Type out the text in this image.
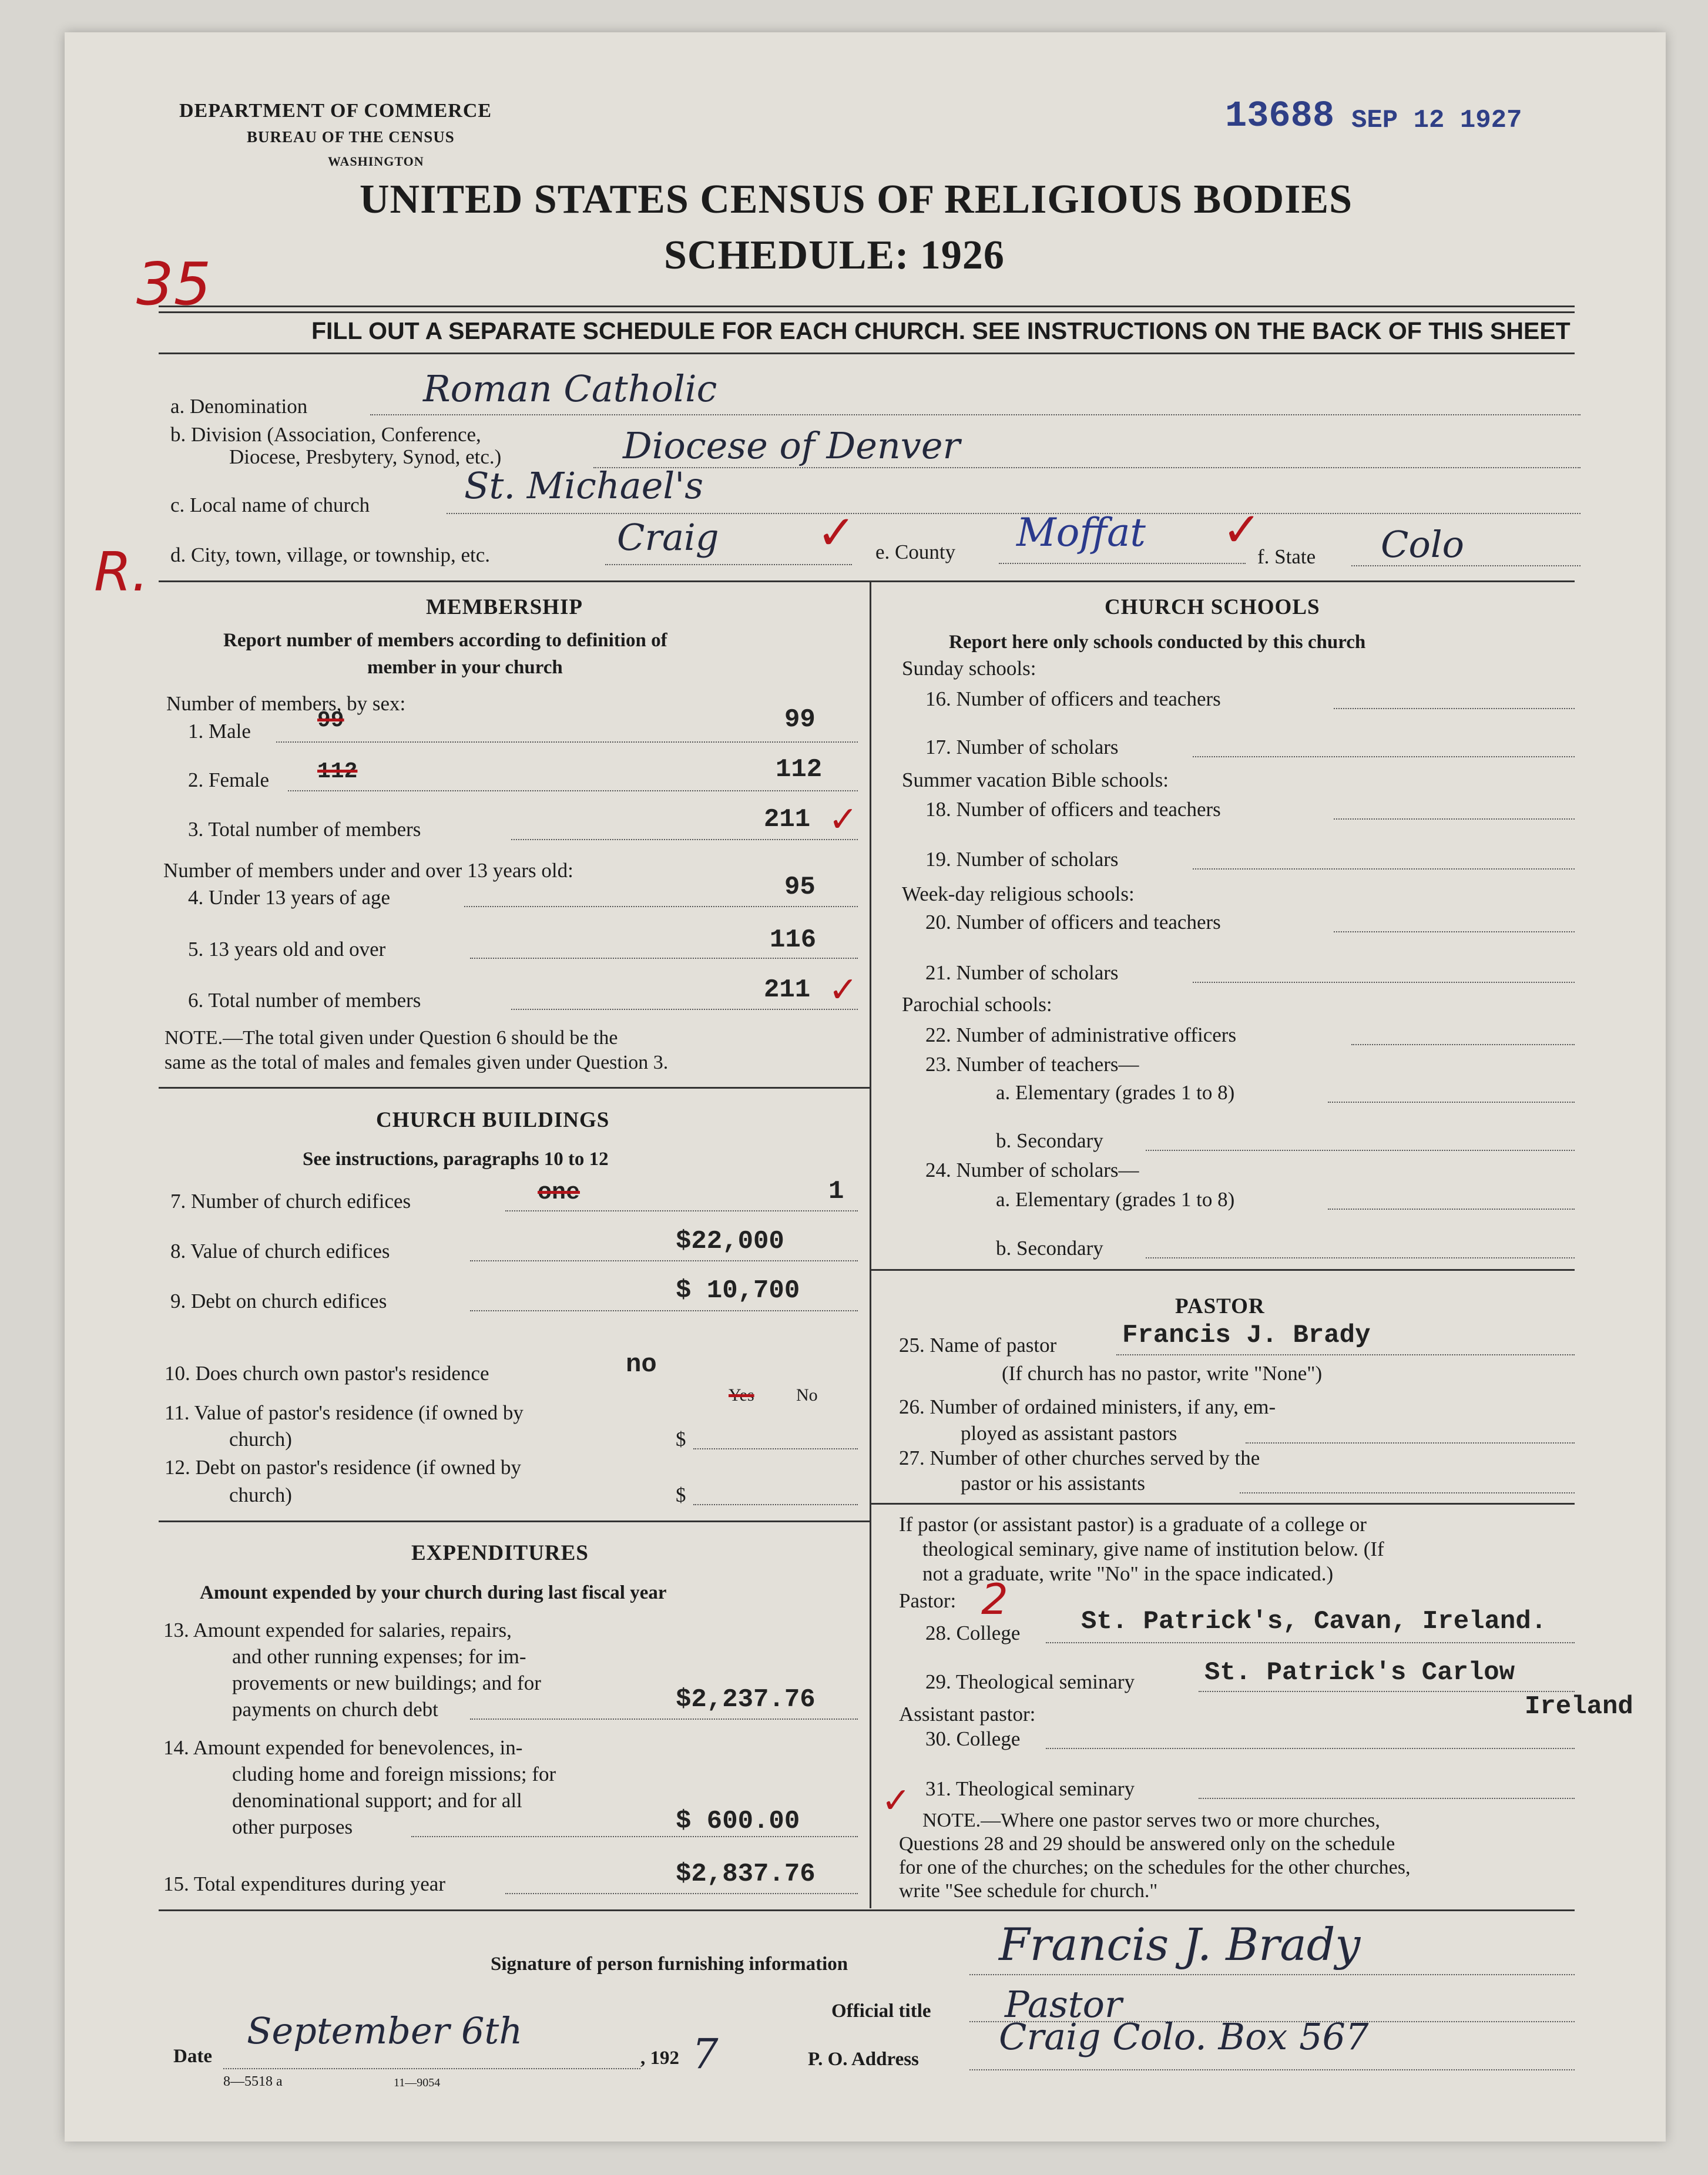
DEPARTMENT OF COMMERCE
BUREAU OF THE CENSUS
WASHINGTON
13688 SEP 12 1927
UNITED STATES CENSUS OF RELIGIOUS BODIES
SCHEDULE: 1926
35
FILL OUT A SEPARATE SCHEDULE FOR EACH CHURCH. SEE INSTRUCTIONS ON THE BACK OF THIS SHEET
a. Denomination	Roman Catholic
b. Division (Association, Conference,
Diocese, Presbytery, Synod, etc.)	Diocese of Denver
c. Local name of church	St. Michael's
R. d. City, town, village, or township, etc.	Craig ✓ e. County Moffat ✓
f. State Colo
MEMBERSHIP
Report number of members according to definition of
member in your church
Number of members, by sex:
1. Male	99	99
2. Female 112	112
3. Total number of members	211 ✓
Number of members under and over 13 years old:
4. Under 13 years of age	95
5. 13 years old and over	116
6. Total number of members	211 ✓
NOTE.—The total given under Question 6 should be the
same as the total of males and females given under Question 3.
CHURCH BUILDINGS
See instructions, paragraphs 10 to 12
7. Number of church edifices	one	1
8. Value of church edifices	$22,000
9. Debt on church edifices	$ 10,700
10. Does church own pastor's residence	no
Yes No
11. Value of pastor's residence (if owned by
church)	$
12. Debt on pastor's residence (if owned by
church)	$
EXPENDITURES
Amount expended by your church during last fiscal year
13. Amount expended for salaries, repairs,
and other running expenses; for im-
provements or new buildings; and for
payments on church debt	$2,237.76
14. Amount expended for benevolences, in-
cluding home and foreign missions; for
denominational support; and for all
other purposes	$ 600.00 ✓
15. Total expenditures during year	$2,837.76
CHURCH SCHOOLS
Report here only schools conducted by this church
Sunday schools:
16. Number of officers and teachers
17. Number of scholars
Summer vacation Bible schools:
18. Number of officers and teachers
19. Number of scholars
Week-day religious schools:
20. Number of officers and teachers
21. Number of scholars
Parochial schools:
22. Number of administrative officers
23. Number of teachers—
a. Elementary (grades 1 to 8)
b. Secondary
24. Number of scholars—
a. Elementary (grades 1 to 8)
b. Secondary
PASTOR
25. Name of pastor	Francis J. Brady
(If church has no pastor, write "None")
26. Number of ordained ministers, if any, em-
ployed as assistant pastors
27. Number of other churches served by the
pastor or his assistants
If pastor (or assistant pastor) is a graduate of a college or
theological seminary, give name of institution below. (If
not a graduate, write "No" in the space indicated.)
Pastor: 2
28. College St. Patrick's, Cavan, Ireland.
29. Theological seminary	St. Patrick's Carlow
Ireland
Assistant pastor:
30. College
31. Theological seminary
NOTE.—Where one pastor serves two or more churches,
Questions 28 and 29 should be answered only on the schedule
for one of the churches; on the schedules for the other churches,
write "See schedule for church."
Signature of person furnishing information	Francis J. Brady
Official title Pastor
Date
September 6th
, 192 7	P. O. Address
Craig Colo. Box 567
8—5518 a	11—9054
